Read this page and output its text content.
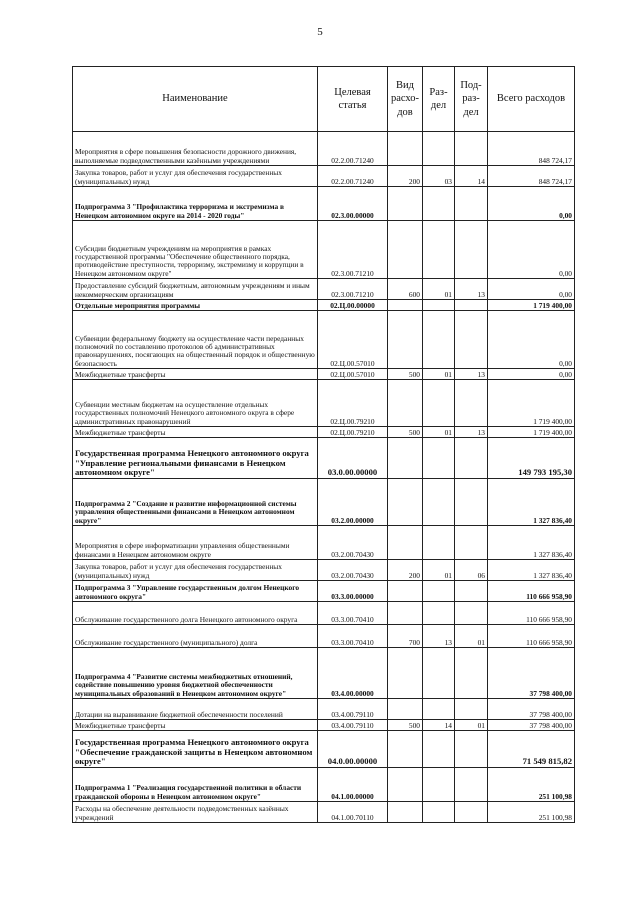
5
Наименование	Целевая статья	Вид расхо-дов	Раз-дел	Под-раз-дел	Всего расходов
Мероприятия в сфере повышения безопасности дорожного движения, выполняемые подведомственными казёнными учреждениями	02.2.00.71240				848 724,17
Закупка товаров, работ и услуг для обеспечения государственных (муниципальных) нужд	02.2.00.71240	200	03	14	848 724,17
Подпрограмма 3 "Профилактика терроризма и экстремизма в Ненецком автономном округе на 2014 - 2020 годы"	02.3.00.00000				0,00
Субсидии бюджетным учреждениям на мероприятия в рамках государственной программы "Обеспечение общественного порядка, противодействие преступности, терроризму, экстремизму и коррупции в Ненецком автономном округе"	02.3.00.71210				0,00
Предоставление субсидий бюджетным, автономным учреждениям и иным некоммерческим организациям	02.3.00.71210	600	01	13	0,00
Отдельные мероприятия программы	02.Ц.00.00000				1 719 400,00
Субвенции федеральному бюджету на осуществление части переданных полномочий по составлению протоколов об административных правонарушениях, посягающих на общественный порядок и общественную безопасность	02.Ц.00.57010				0,00
Межбюджетные трансферты	02.Ц.00.57010	500	01	13	0,00
Субвенции местным бюджетам на осуществление отдельных государственных полномочий Ненецкого автономного округа в сфере административных правонарушений	02.Ц.00.79210				1 719 400,00
Межбюджетные трансферты	02.Ц.00.79210	500	01	13	1 719 400,00
Государственная программа Ненецкого автономного округа "Управление региональными финансами в Ненецком автономном округе"	03.0.00.00000				149 793 195,30
Подпрограмма 2 "Создание и развитие информационной системы управления общественными финансами в Ненецком автономном округе"	03.2.00.00000				1 327 836,40
Мероприятия в сфере информатизации управления общественными финансами в Ненецком автономном округе	03.2.00.70430				1 327 836,40
Закупка товаров, работ и услуг для обеспечения государственных (муниципальных) нужд	03.2.00.70430	200	01	06	1 327 836,40
Подпрограмма 3 "Управление государственным долгом Ненецкого автономного округа"	03.3.00.00000				110 666 958,90
Обслуживание государственного долга Ненецкого автономного округа	03.3.00.70410				110 666 958,90
Обслуживание государственного (муниципального) долга	03.3.00.70410	700	13	01	110 666 958,90
Подпрограмма 4 "Развитие системы межбюджетных отношений, содействие повышению уровня бюджетной обеспеченности муниципальных образований в Ненецком автономном округе"	03.4.00.00000				37 798 400,00
Дотации на выравнивание бюджетной обеспеченности поселений	03.4.00.79110				37 798 400,00
Межбюджетные трансферты	03.4.00.79110	500	14	01	37 798 400,00
Государственная программа Ненецкого автономного округа "Обеспечение гражданской защиты в Ненецком автономном округе"	04.0.00.00000				71 549 815,82
Подпрограмма 1 "Реализация государственной политики в области гражданской обороны в Ненецком автономном округе"	04.1.00.00000				251 100,98
Расходы на обеспечение деятельности подведомственных казённых учреждений	04.1.00.70110				251 100,98
